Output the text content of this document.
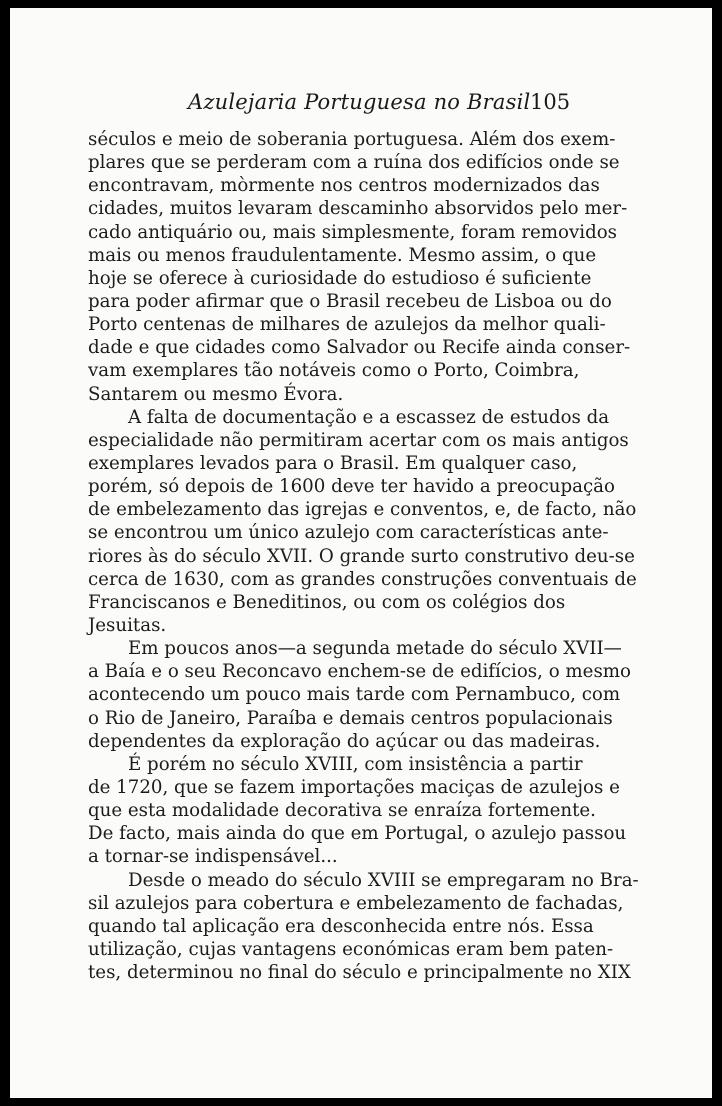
Azulejaria Portuguesa no Brasil 105
séculos e meio de soberania portuguesa. Além dos exem-
plares que se perderam com a ruína dos edifícios onde se
encontravam, mòrmente nos centros modernizados das
cidades, muitos levaram descaminho absorvidos pelo mer-
cado antiquário ou, mais simplesmente, foram removidos
mais ou menos fraudulentamente. Mesmo assim, o que
hoje se oferece à curiosidade do estudioso é suficiente
para poder afirmar que o Brasil recebeu de Lisboa ou do
Porto centenas de milhares de azulejos da melhor quali-
dade e que cidades como Salvador ou Recife ainda conser-
vam exemplares tão notáveis como o Porto, Coimbra,
Santarem ou mesmo Évora.
A falta de documentação e a escassez de estudos da
especialidade não permitiram acertar com os mais antigos
exemplares levados para o Brasil. Em qualquer caso,
porém, só depois de 1600 deve ter havido a preocupação
de embelezamento das igrejas e conventos, e, de facto, não
se encontrou um único azulejo com características ante-
riores às do século XVII. O grande surto construtivo deu-se
cerca de 1630, com as grandes construções conventuais de
Franciscanos e Beneditinos, ou com os colégios dos
Jesuitas.
Em poucos anos—a segunda metade do século XVII—
a Baía e o seu Reconcavo enchem-se de edifícios, o mesmo
acontecendo um pouco mais tarde com Pernambuco, com
o Rio de Janeiro, Paraíba e demais centros populacionais
dependentes da exploração do açúcar ou das madeiras.
É porém no século XVIII, com insistência a partir
de 1720, que se fazem importações maciças de azulejos e
que esta modalidade decorativa se enraíza fortemente.
De facto, mais ainda do que em Portugal, o azulejo passou
a tornar-se indispensável...
Desde o meado do século XVIII se empregaram no Bra-
sil azulejos para cobertura e embelezamento de fachadas,
quando tal aplicação era desconhecida entre nós. Essa
utilização, cujas vantagens económicas eram bem paten-
tes, determinou no final do século e principalmente no XIX
